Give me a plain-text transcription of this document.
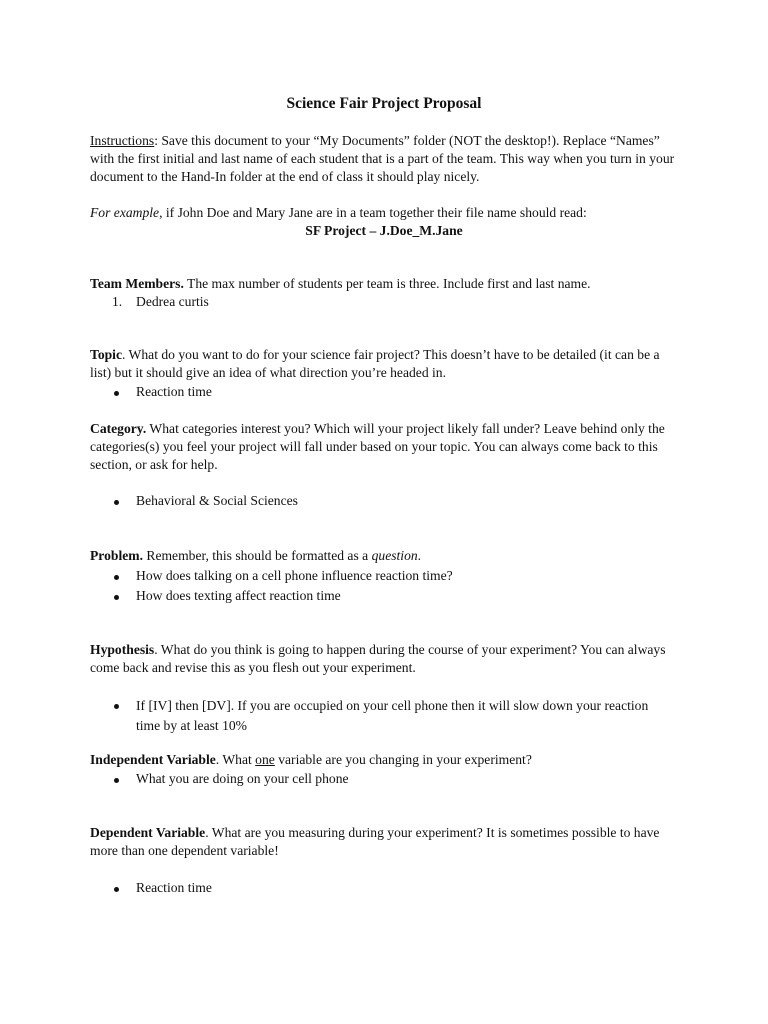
Science Fair Project Proposal
Instructions: Save this document to your “My Documents” folder (NOT the desktop!). Replace “Names” with the first initial and last name of each student that is a part of the team. This way when you turn in your document to the Hand-In folder at the end of class it should play nicely.
For example, if John Doe and Mary Jane are in a team together their file name should read:
SF Project – J.Doe_M.Jane
Team Members. The max number of students per team is three. Include first and last name.
1. Dedrea curtis
Topic. What do you want to do for your science fair project? This doesn’t have to be detailed (it can be a list) but it should give an idea of what direction you’re headed in.
Reaction time
Category. What categories interest you? Which will your project likely fall under? Leave behind only the categories(s) you feel your project will fall under based on your topic. You can always come back to this section, or ask for help.
Behavioral & Social Sciences
Problem. Remember, this should be formatted as a question.
How does talking on a cell phone influence reaction time?
How does texting affect reaction time
Hypothesis. What do you think is going to happen during the course of your experiment? You can always come back and revise this as you flesh out your experiment.
If [IV] then [DV]. If you are occupied on your cell phone then it will slow down your reaction time by at least 10%
Independent Variable. What one variable are you changing in your experiment?
What you are doing on your cell phone
Dependent Variable. What are you measuring during your experiment? It is sometimes possible to have more than one dependent variable!
Reaction time
